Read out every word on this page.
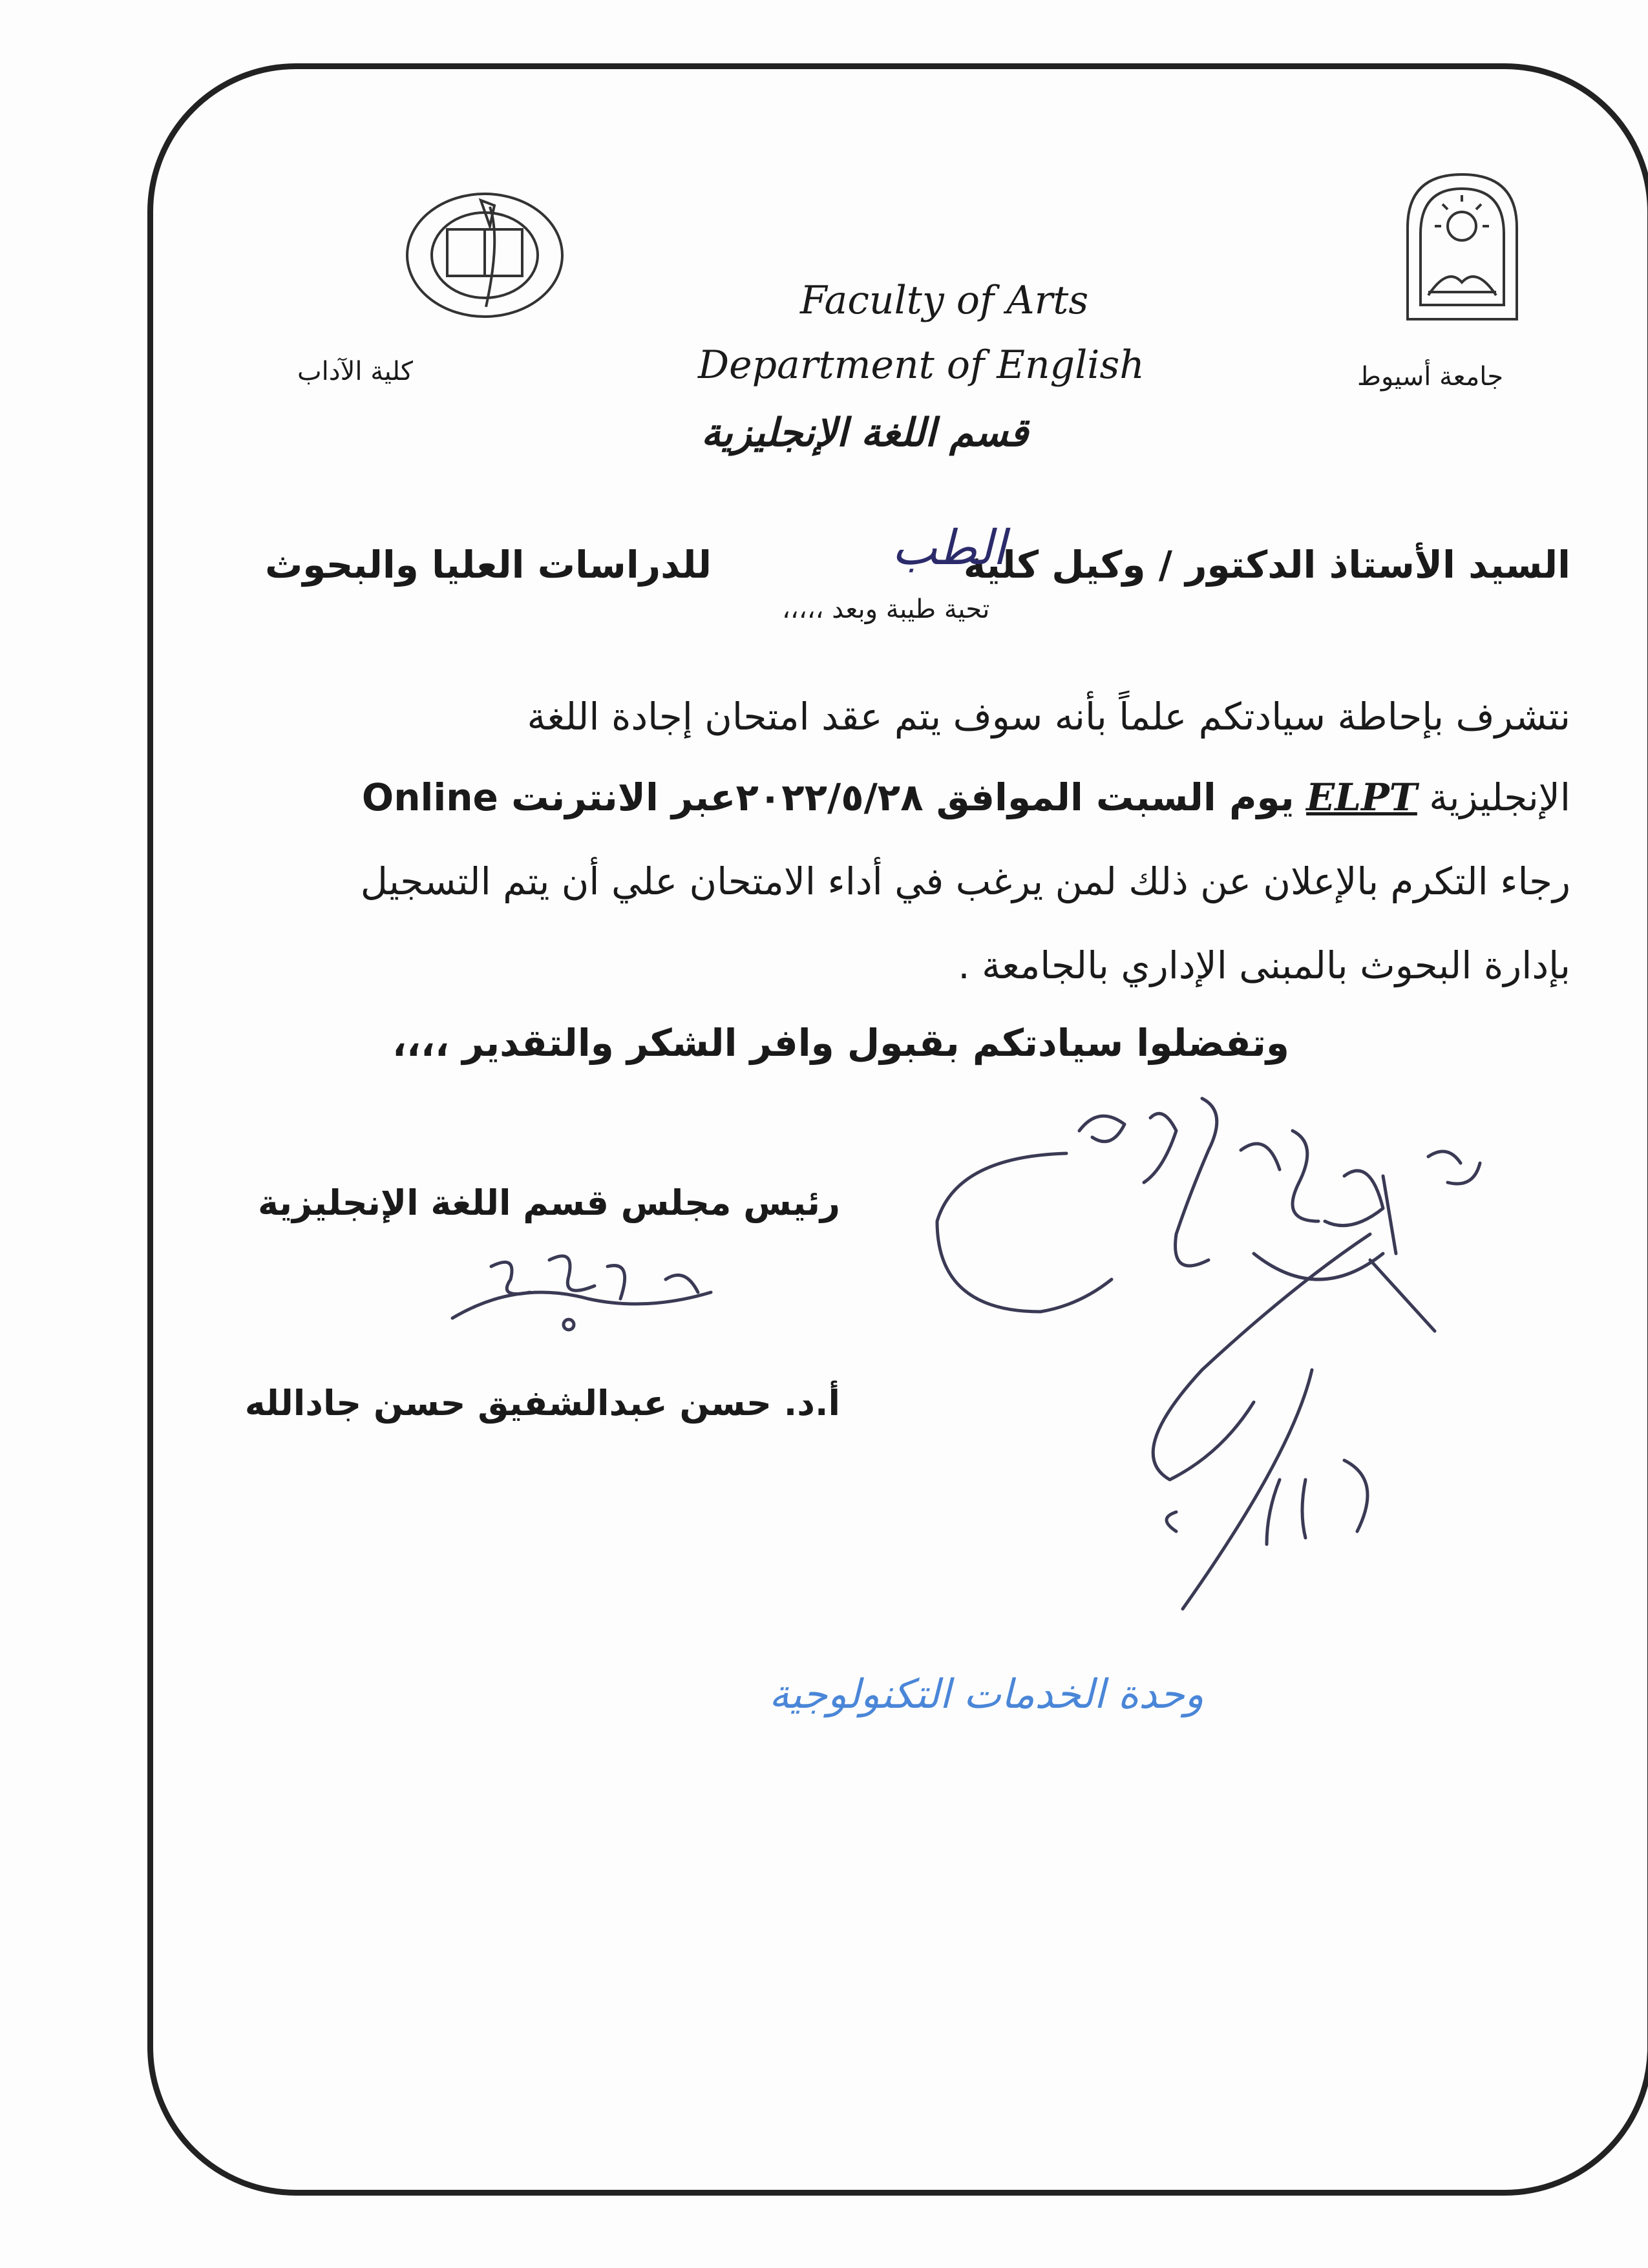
جامعة أسيوط
كلية الآداب
Faculty of Arts
Department of English
قسم اللغة الإنجليزية
السيد الأستاذ الدكتور / وكيل كلية
الطب
للدراسات العليا والبحوث
تحية طيبة وبعد ،،،،،
نتشرف بإحاطة سيادتكم علماً بأنه سوف يتم عقد امتحان إجادة اللغة
الإنجليزية ELPT يوم السبت الموافق ٢٠٢٢/٥/٢٨عبر الانترنت Online
رجاء التكرم بالإعلان عن ذلك لمن يرغب في أداء الامتحان علي أن يتم التسجيل
بإدارة البحوث بالمبنى الإداري بالجامعة .
وتفضلوا سيادتكم بقبول وافر الشكر والتقدير ،،،،
رئيس مجلس قسم اللغة الإنجليزية
أ.د. حسن عبدالشفيق حسن جادالله
وحدة الخدمات التكنولوجية
